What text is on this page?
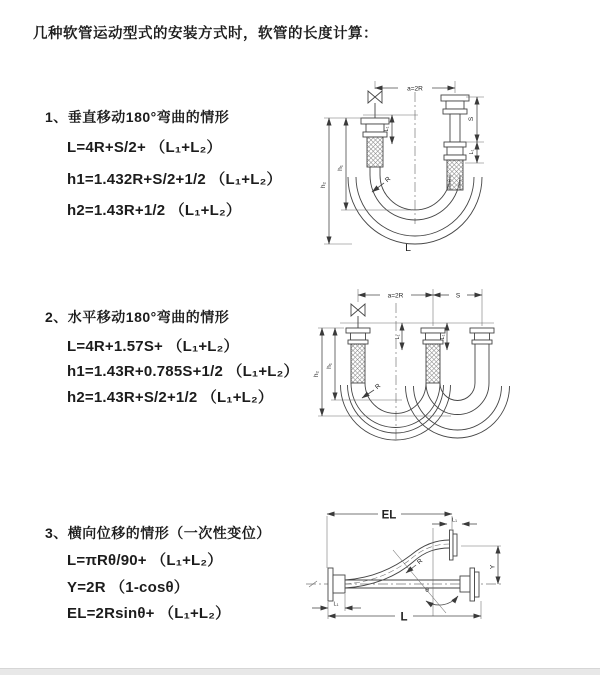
几种软管运动型式的安装方式时，软管的长度计算：
1、垂直移动180°弯曲的情形
L=4R+S/2+ （L₁+L₂）
h1=1.432R+S/2+1/2 （L₁+L₂）
h2=1.43R+1/2 （L₁+L₂）
2、水平移动180°弯曲的情形
L=4R+1.57S+ （L₁+L₂）
h1=1.43R+0.785S+1/2 （L₁+L₂）
h2=1.43R+S/2+1/2 （L₁+L₂）
3、横向位移的情形（一次性变位）
L=πRθ/90+ （L₁+L₂）
Y=2R （1-cosθ）
EL=2Rsinθ+ （L₁+L₂）
a=2R
h₁
h₂
L₁
S
L₁
R
L
a=2R	S
h₁
h₂
L₁	L₁
R
EL	L₁
θ
R
Y
L₁
L
